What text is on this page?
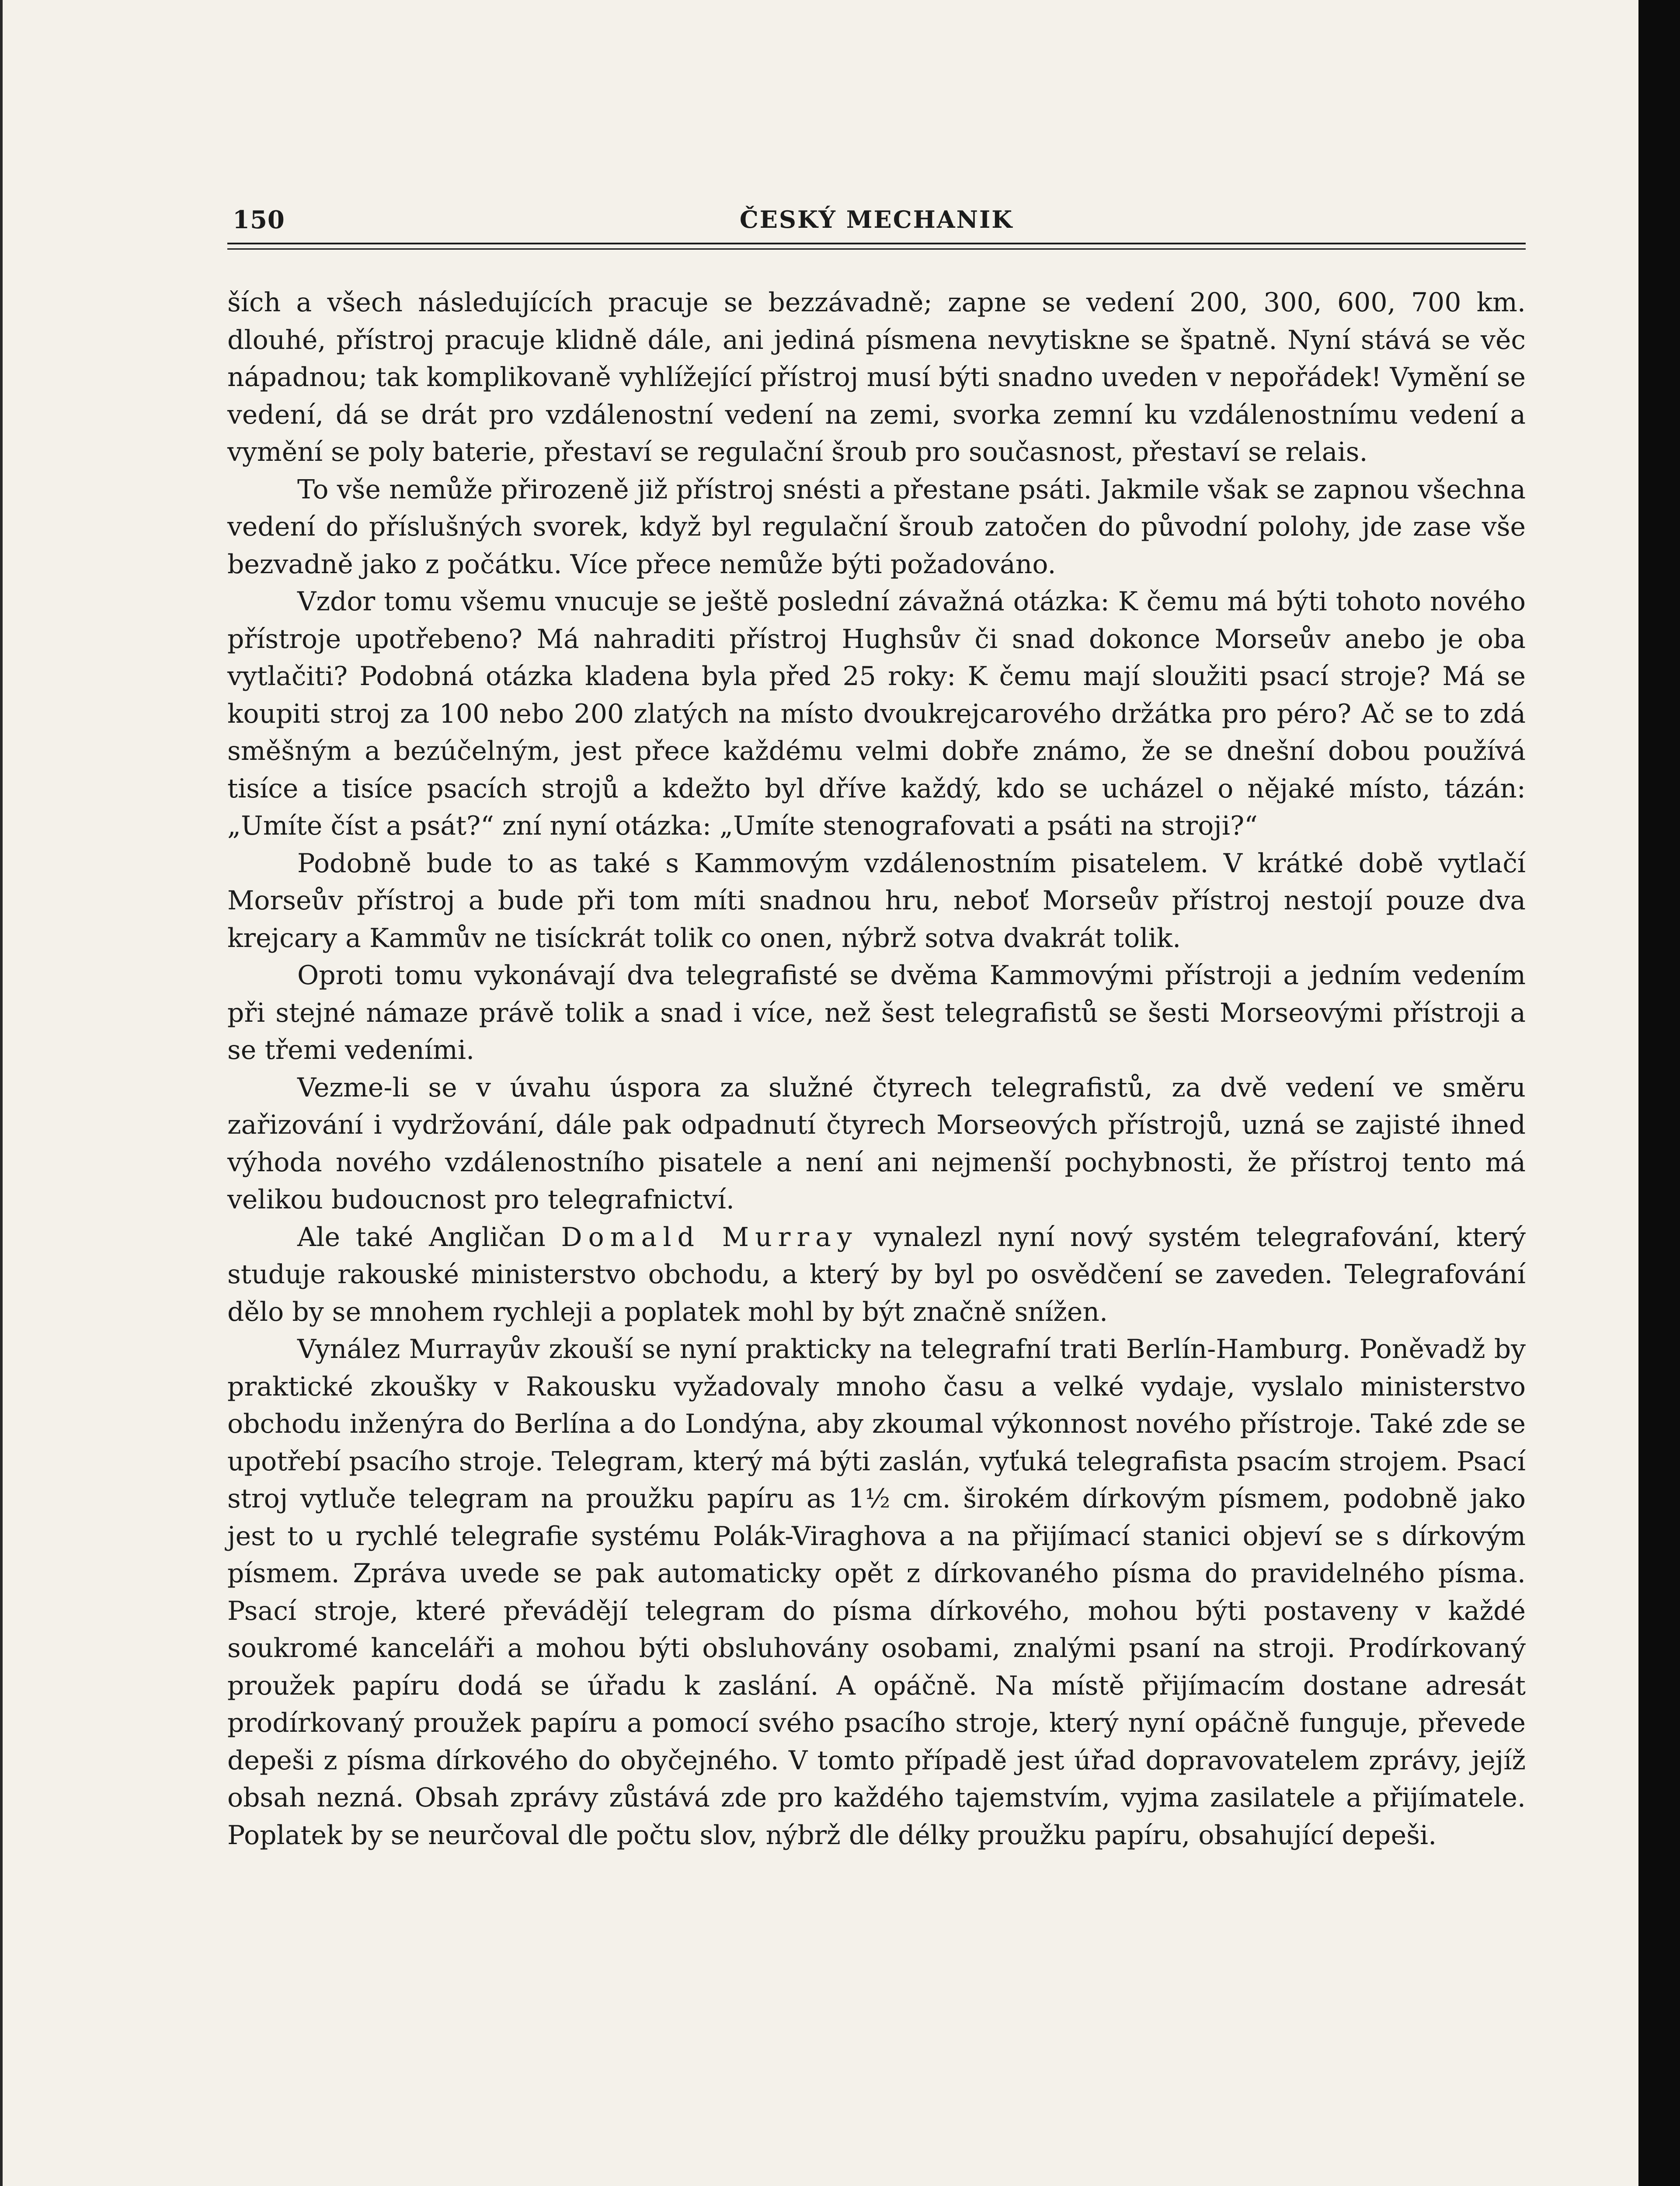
150	ČESKÝ MECHANIK

ších a všech následujících pracuje se bezzávadně; zapne se vedení 200, 300, 600, 700 km. dlouhé, přístroj pracuje klidně dále, ani jediná písmena nevytiskne se špatně. Nyní stává se věc nápadnou; tak komplikovaně vyhlížející přístroj musí býti snadno uveden v nepořádek! Vymění se vedení, dá se drát pro vzdálenostní vedení na zemi, svorka zemní ku vzdálenostnímu vedení a vymění se poly baterie, přestaví se regulační šroub pro současnost, přestaví se relais.

To vše nemůže přirozeně již přístroj snésti a přestane psáti. Jakmile však se zapnou všechna vedení do příslušných svorek, když byl regulační šroub zatočen do původní polohy, jde zase vše bezvadně jako z počátku. Více přece nemůže býti požadováno.

Vzdor tomu všemu vnucuje se ještě poslední závažná otázka: K čemu má býti tohoto nového přístroje upotřebeno? Má nahraditi přístroj Hughsův či snad dokonce Morseův anebo je oba vytlačiti? Podobná otázka kladena byla před 25 roky: K čemu mají sloužiti psací stroje? Má se koupiti stroj za 100 nebo 200 zlatých na místo dvoukrejcarového držátka pro péro? Ač se to zdá směšným a bezúčelným, jest přece každému velmi dobře známo, že se dnešní dobou používá tisíce a tisíce psacích strojů a kdežto byl dříve každý, kdo se ucházel o nějaké místo, tázán: „Umíte číst a psát?“ zní nyní otázka: „Umíte stenografovati a psáti na stroji?“

Podobně bude to as také s Kammovým vzdálenostním pisatelem. V krátké době vytlačí Morseův přístroj a bude při tom míti snadnou hru, neboť Morseův přístroj nestojí pouze dva krejcary a Kammův ne tisíckrát tolik co onen, nýbrž sotva dvakrát tolik.

Oproti tomu vykonávají dva telegrafisté se dvěma Kammovými přístroji a jedním vedením při stejné námaze právě tolik a snad i více, než šest telegrafistů se šesti Morseovými přístroji a se třemi vedeními.

Vezme-li se v úvahu úspora za služné čtyrech telegrafistů, za dvě vedení ve směru zařizování i vydržování, dále pak odpadnutí čtyrech Morseových přístrojů, uzná se zajisté ihned výhoda nového vzdálenostního pisatele a není ani nejmenší pochybnosti, že přístroj tento má velikou budoucnost pro telegrafnictví.

Ale také Angličan Domald Murray vynalezl nyní nový systém telegrafování, který studuje rakouské ministerstvo obchodu, a který by byl po osvědčení se zaveden. Telegrafování dělo by se mnohem rychleji a poplatek mohl by být značně snížen.

Vynález Murrayův zkouší se nyní prakticky na telegrafní trati Berlín-Hamburg. Poněvadž by praktické zkoušky v Rakousku vyžadovaly mnoho času a velké vydaje, vyslalo ministerstvo obchodu inženýra do Berlína a do Londýna, aby zkoumal výkonnost nového přístroje. Také zde se upotřebí psacího stroje. Telegram, který má býti zaslán, vyťuká telegrafista psacím strojem. Psací stroj vytluče telegram na proužku papíru as 1½ cm. širokém dírkovým písmem, podobně jako jest to u rychlé telegrafie systému Polák-Viraghova a na přijímací stanici objeví se s dírkovým písmem. Zpráva uvede se pak automaticky opět z dírkovaného písma do pravidelného písma. Psací stroje, které převádějí telegram do písma dírkového, mohou býti postaveny v každé soukromé kanceláři a mohou býti obsluhovány osobami, znalými psaní na stroji. Prodírkovaný proužek papíru dodá se úřadu k zaslání. A opáčně. Na místě přijímacím dostane adresát prodírkovaný proužek papíru a pomocí svého psacího stroje, který nyní opáčně funguje, převede depeši z písma dírkového do obyčejného. V tomto případě jest úřad dopravovatelem zprávy, jejíž obsah nezná. Obsah zprávy zůstává zde pro každého tajemstvím, vyjma zasilatele a přijímatele. Poplatek by se neurčoval dle počtu slov, nýbrž dle délky proužku papíru, obsahující depeši.
